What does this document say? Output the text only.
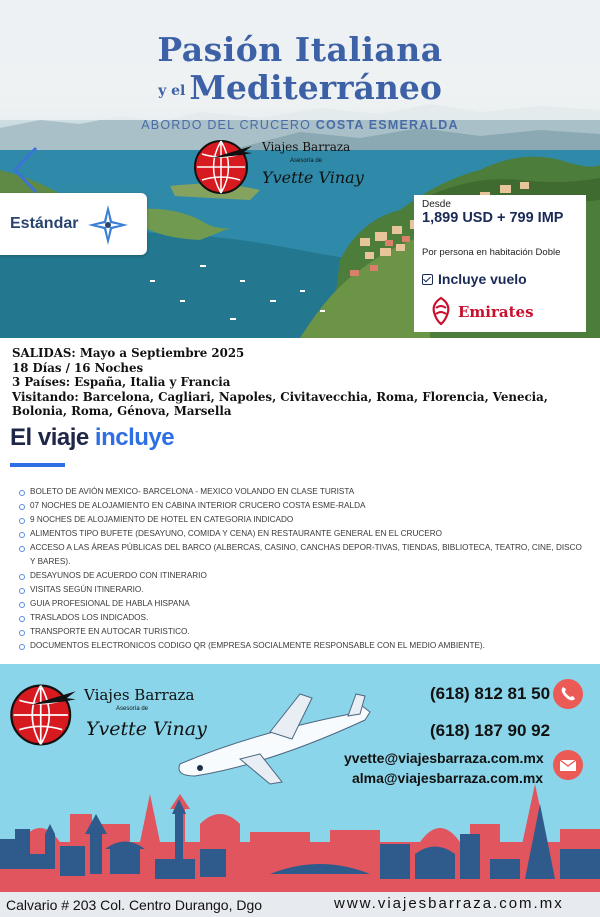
Pasión Italiana
y el Mediterráneo
ABORDO DEL CRUCERO COSTA ESMERALDA
Viajes Barraza
Asesoría de
Yvette Vinay
Estándar
Desde
1,899 USD + 799 IMP
Por persona en habitación Doble
Incluye vuelo
Emirates
SALIDAS: Mayo a Septiembre 2025
18 Días / 16 Noches
3 Países: España, Italia y Francia
Visitando: Barcelona, Cagliari, Napoles, Civitavecchia, Roma, Florencia, Venecia, Bolonia, Roma, Génova, Marsella
El viaje incluye
BOLETO DE AVIÓN MEXICO- BARCELONA - MEXICO VOLANDO EN CLASE TURISTA
07 NOCHES DE ALOJAMIENTO EN CABINA INTERIOR CRUCERO COSTA ESME-RALDA
9 NOCHES DE ALOJAMIENTO DE HOTEL EN CATEGORIA INDICADO
ALIMENTOS TIPO BUFETE (DESAYUNO, COMIDA Y CENA) EN RESTAURANTE GENERAL EN EL CRUCERO
ACCESO A LAS ÁREAS PÚBLICAS DEL BARCO (ALBERCAS, CASINO, CANCHAS DEPOR-TIVAS, TIENDAS, BIBLIOTECA, TEATRO, CINE, DISCO Y BARES).
DESAYUNOS DE ACUERDO CON ITINERARIO
VISITAS SEGÚN ITINERARIO.
GUIA PROFESIONAL DE HABLA HISPANA
TRASLADOS LOS INDICADOS.
TRANSPORTE EN AUTOCAR TURISTICO.
DOCUMENTOS ELECTRONICOS CODIGO QR (EMPRESA SOCIALMENTE RESPONSABLE CON EL MEDIO AMBIENTE).
Viajes Barraza
Asesoría de
Yvette Vinay
(618) 812 81 50
(618) 187 90 92
yvette@viajesbarraza.com.mx
alma@viajesbarraza.com.mx
Calvario # 203 Col. Centro Durango, Dgo	www.viajesbarraza.com.mx
